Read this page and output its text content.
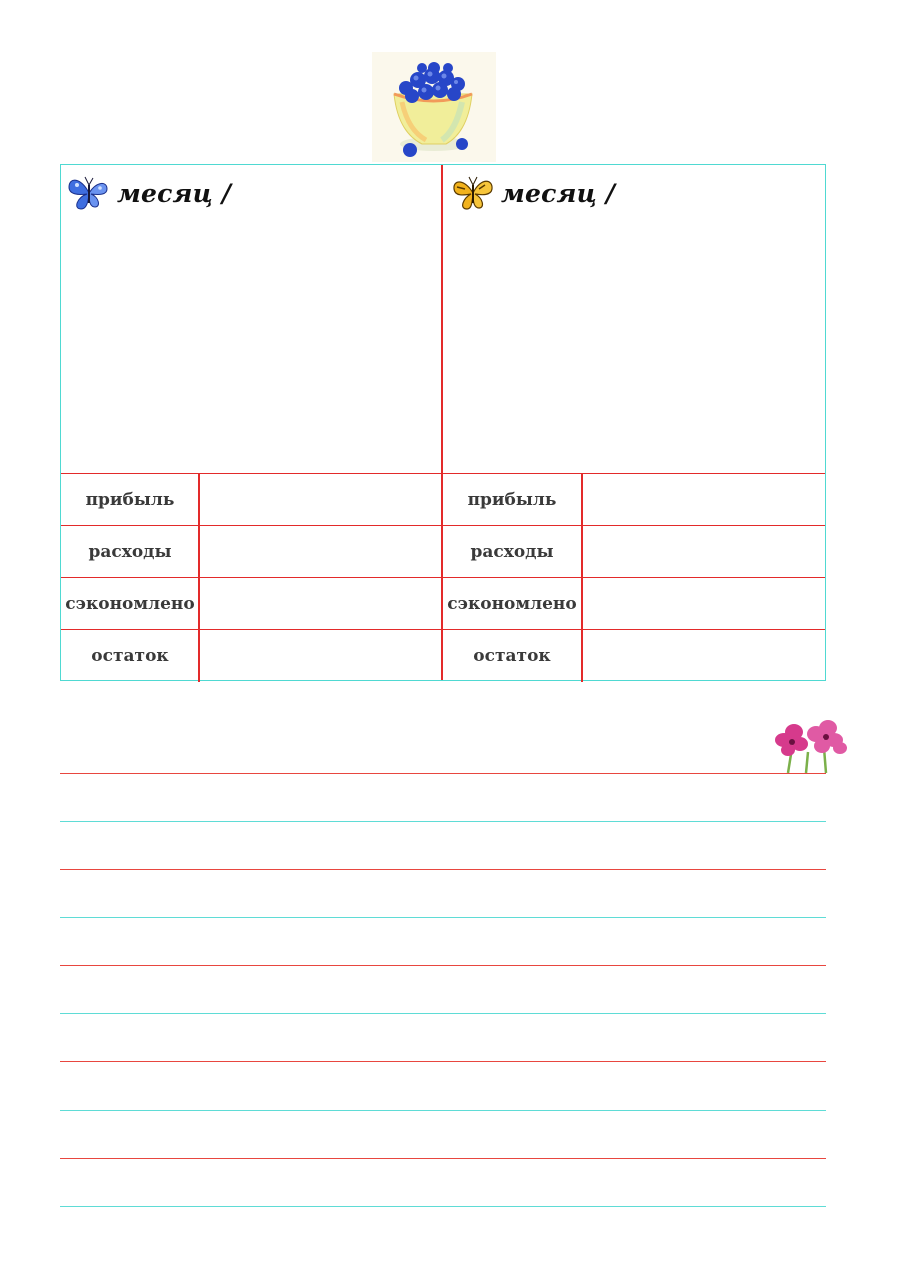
месяц /	месяц /
прибыль	прибыль
расходы	расходы
сэкономлено	сэкономлено
остаток	остаток
